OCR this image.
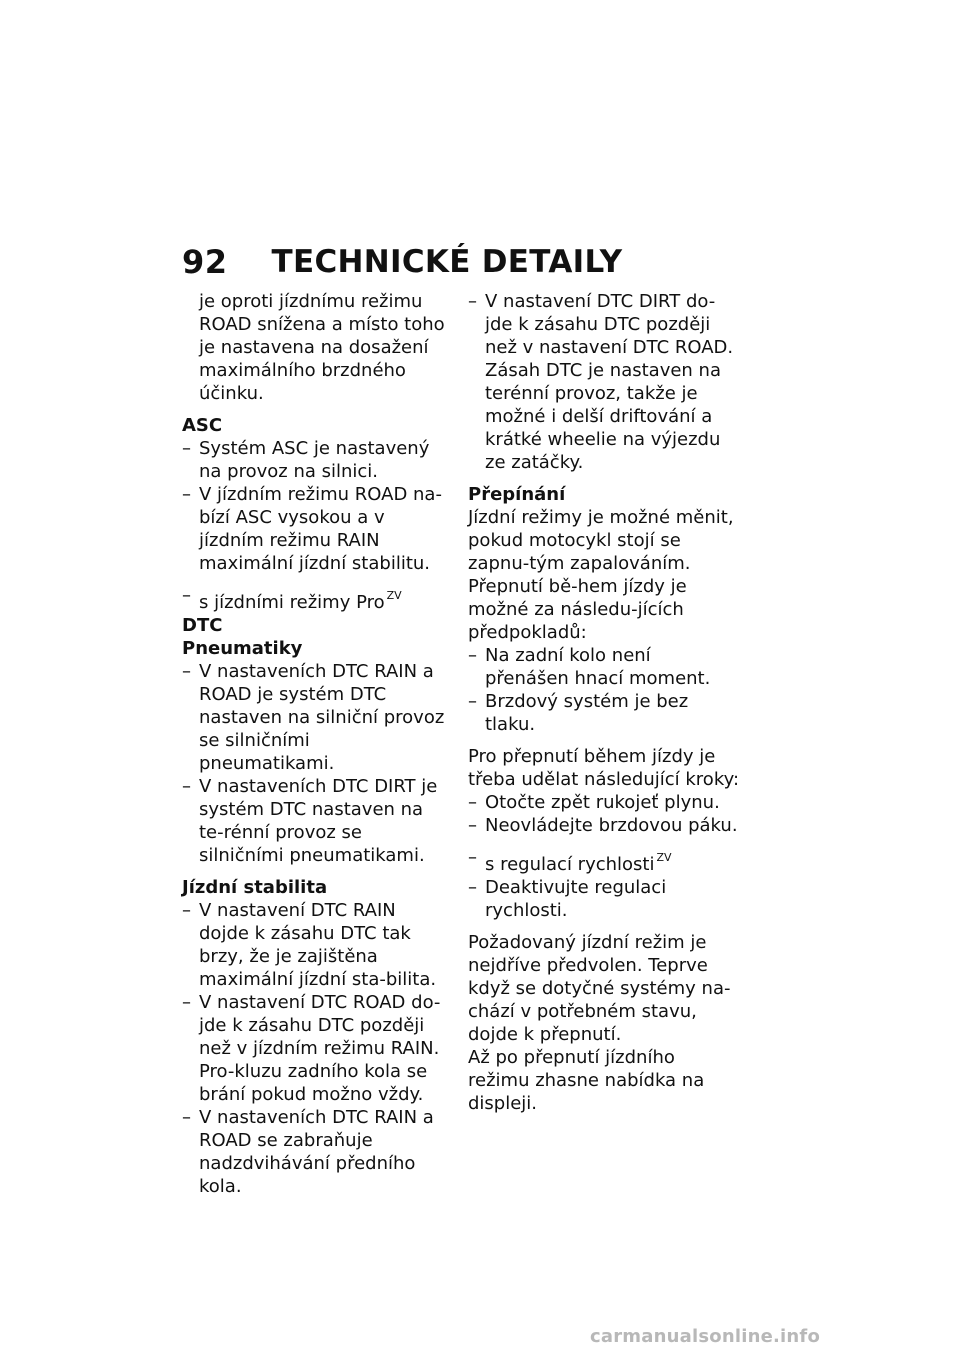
92 TECHNICKÉ DETAILY

je oproti jízdnímu režimu ROAD snížena a místo toho je nastavena na dosažení maximálního brzdného účinku.

ASC

– Systém ASC je nastavený na provoz na silnici.
– V jízdním režimu ROAD na-bízí ASC vysokou a v jízdním režimu RAIN maximální jízdní stabilitu.

– s jízdními režimy Pro $^{ZV}$

DTC

Pneumatiky

– V nastaveních DTC RAIN a ROAD je systém DTC nastaven na silniční provoz se silničními pneumatikami.
– V nastaveních DTC DIRT je systém DTC nastaven na te-rénní provoz se silničními pneumatikami.

Jízdní stabilita

– V nastavení DTC RAIN dojde k zásahu DTC tak brzy, že je zajištěna maximální jízdní sta-bilita.
– V nastavení DTC ROAD do-jde k zásahu DTC později než v jízdním režimu RAIN. Pro-kluzu zadního kola se brání pokud možno vždy.
– V nastaveních DTC RAIN a ROAD se zabraňuje nadzdvihávání předního kola.
– V nastavení DTC DIRT do-jde k zásahu DTC později než v nastavení DTC ROAD. Zásah DTC je nastaven na terénní provoz, takže je možné i delší driftování a krátké wheelie na výjezdu ze zatáčky.

Přepínání

Jízdní režimy je možné měnit, pokud motocykl stojí se zapnu-tým zapalováním. Přepnutí bě-hem jízdy je možné za následu-jících předpokladů:

– Na zadní kolo není přenášen hnací moment.
– Brzdový systém je bez tlaku.

Pro přepnutí během jízdy je třeba udělat následující kroky:

– Otočte zpět rukojeť plynu.
– Neovládejte brzdovou páku.

– s regulací rychlosti $^{ZV}$

– Deaktivujte regulaci rychlosti.

Požadovaný jízdní režim je nejdříve předvolen. Teprve když se dotyčné systémy na-chází v potřebném stavu, dojde k přepnutí.

Až po přepnutí jízdního režimu zhasne nabídka na displeji.

carmanualsonline.info
